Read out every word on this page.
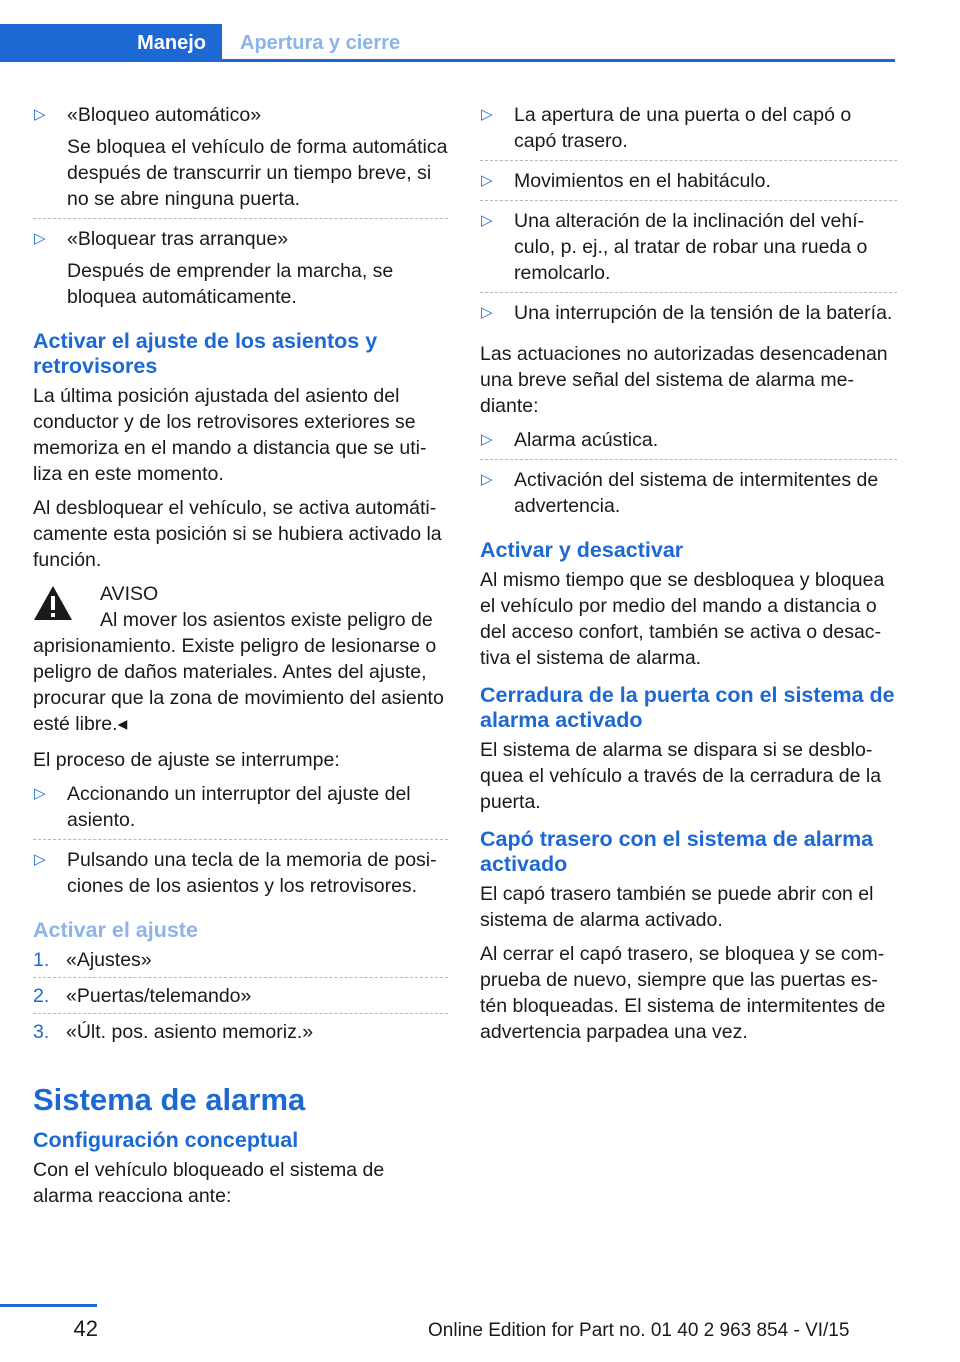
Manejo	Apertura y cierre
▷ «Bloqueo automático»
Se bloquea el vehículo de forma automática después de transcurrir un tiempo breve, si no se abre ninguna puerta.
▷ «Bloquear tras arranque»
Después de emprender la marcha, se bloquea automáticamente.
Activar el ajuste de los asientos y retrovisores

La última posición ajustada del asiento del conductor y de los retrovisores exteriores se memoriza en el mando a distancia que se utiliza en este momento.

Al desbloquear el vehículo, se activa automáticamente esta posición si se hubiera activado la función.

AVISO
Al mover los asientos existe peligro de
aprisionamiento. Existe peligro de lesionarse o peligro de daños materiales. Antes del ajuste, procurar que la zona de movimiento del asiento esté libre.◂

El proceso de ajuste se interrumpe:

▷ Accionando un interruptor del ajuste del asiento.
▷ Pulsando una tecla de la memoria de posiciones de los asientos y los retrovisores.
Activar el ajuste
1. «Ajustes»
2. «Puertas/telemando»
3. «Últ. pos. asiento memoriz.»
Sistema de alarma
Configuración conceptual

Con el vehículo bloqueado el sistema de alarma reacciona ante:

▷ La apertura de una puerta o del capó o capó trasero.
▷ Movimientos en el habitáculo.
▷ Una alteración de la inclinación del vehículo, p. ej., al tratar de robar una rueda o remolcarlo.
▷ Una interrupción de la tensión de la batería.

Las actuaciones no autorizadas desencadenan una breve señal del sistema de alarma mediante:

▷ Alarma acústica.
▷ Activación del sistema de intermitentes de advertencia.
Activar y desactivar

Al mismo tiempo que se desbloquea y bloquea el vehículo por medio del mando a distancia o del acceso confort, también se activa o desactiva el sistema de alarma.

Cerradura de la puerta con el sistema de alarma activado

El sistema de alarma se dispara si se desbloquea el vehículo a través de la cerradura de la puerta.

Capó trasero con el sistema de alarma activado

El capó trasero también se puede abrir con el sistema de alarma activado.

Al cerrar el capó trasero, se bloquea y se comprueba de nuevo, siempre que las puertas estén bloqueadas. El sistema de intermitentes de advertencia parpadea una vez.

42	Online Edition for Part no. 01 40 2 963 854 - VI/15
